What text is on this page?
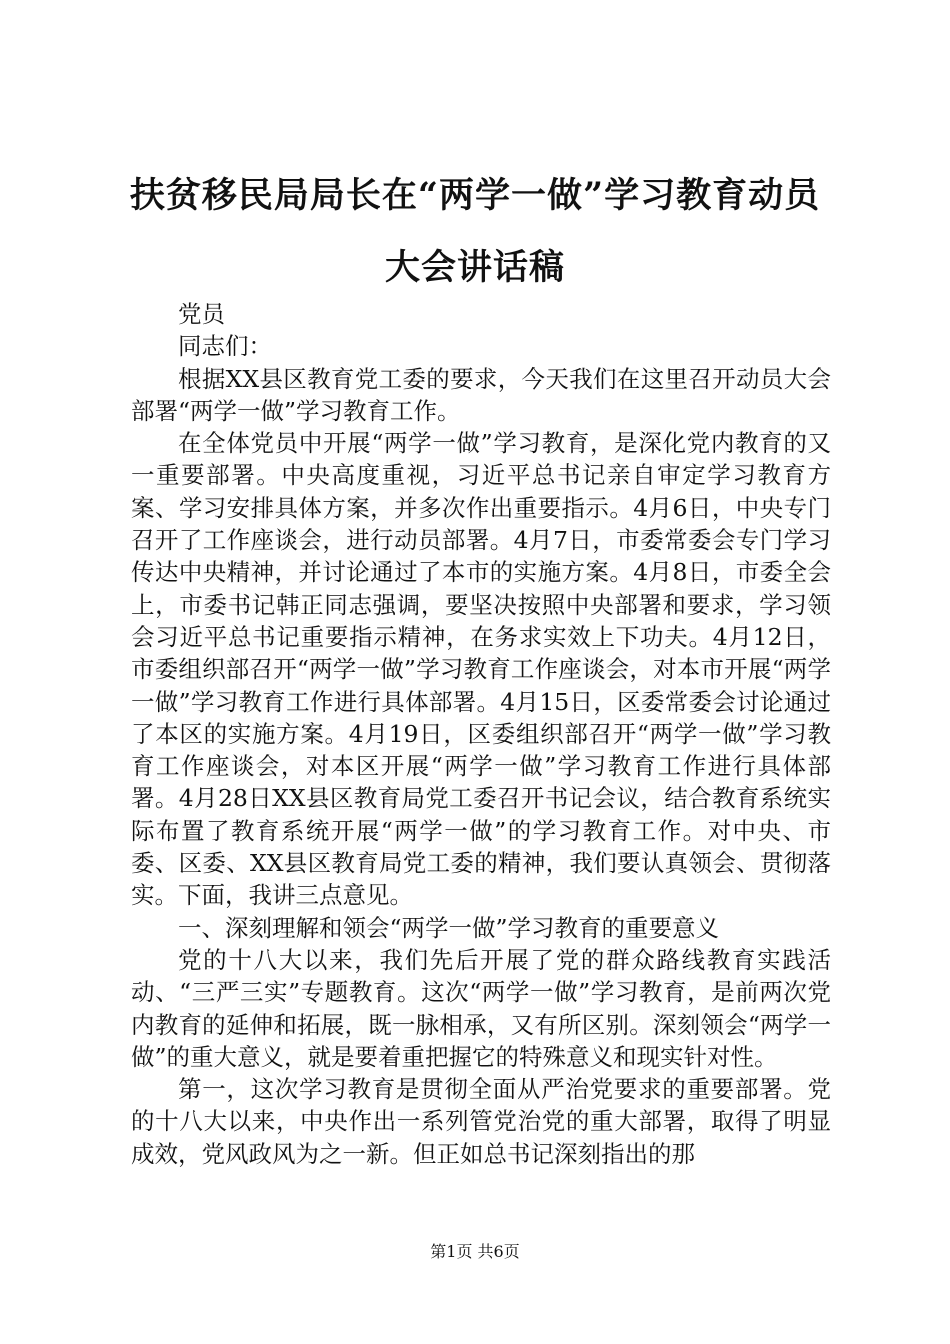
扶贫移民局局长在“两学一做”学习教育动员
大会讲话稿

党员

同志们：

根据XX县区教育党工委的要求，今天我们在这里召开动员大会部署“两学一做”学习教育工作。

在全体党员中开展“两学一做”学习教育，是深化党内教育的又一重要部署。中央高度重视，习近平总书记亲自审定学习教育方案、学习安排具体方案，并多次作出重要指示。4月6日，中央专门召开了工作座谈会，进行动员部署。4月7日，市委常委会专门学习传达中央精神，并讨论通过了本市的实施方案。4月8日，市委全会上，市委书记韩正同志强调，要坚决按照中央部署和要求，学习领会习近平总书记重要指示精神，在务求实效上下功夫。4月12日，市委组织部召开“两学一做”学习教育工作座谈会，对本市开展“两学一做”学习教育工作进行具体部署。4月15日，区委常委会讨论通过了本区的实施方案。4月19日，区委组织部召开“两学一做”学习教育工作座谈会，对本区开展“两学一做”学习教育工作进行具体部署。4月28日XX县区教育局党工委召开书记会议，结合教育系统实际布置了教育系统开展“两学一做”的学习教育工作。对中央、市委、区委、XX县区教育局党工委的精神，我们要认真领会、贯彻落实。下面，我讲三点意见。

一、深刻理解和领会“两学一做”学习教育的重要意义

党的十八大以来，我们先后开展了党的群众路线教育实践活动、“三严三实”专题教育。这次“两学一做”学习教育，是前两次党内教育的延伸和拓展，既一脉相承，又有所区别。深刻领会“两学一做”的重大意义，就是要着重把握它的特殊意义和现实针对性。

第一，这次学习教育是贯彻全面从严治党要求的重要部署。党的十八大以来，中央作出一系列管党治党的重大部署，取得了明显成效，党风政风为之一新。但正如总书记深刻指出的那

第1页 共6页
